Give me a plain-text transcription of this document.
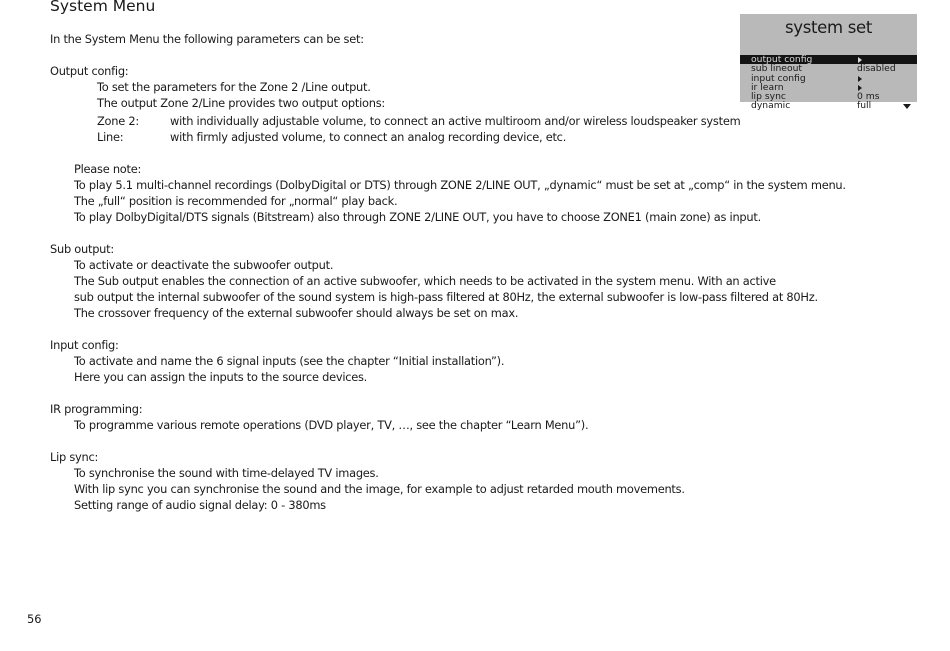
System Menu

In the System Menu the following parameters can be set:

Output config:

To set the parameters for the Zone 2 /Line output.

The output Zone 2/Line provides two output options:

Zone 2:	with individually adjustable volume, to connect an active multiroom and/or wireless loudspeaker system
Line:	with firmly adjusted volume, to connect an analog recording device, etc.

Please note:

To play 5.1 multi-channel recordings (DolbyDigital or DTS) through ZONE 2/LINE OUT, „dynamic“ must be set at „comp“ in the system menu.

The „full“ position is recommended for „normal“ play back.

To play DolbyDigital/DTS signals (Bitstream) also through ZONE 2/LINE OUT, you have to choose ZONE1 (main zone) as input.

Sub output:

To activate or deactivate the subwoofer output.

The Sub output enables the connection of an active subwoofer, which needs to be activated in the system menu. With an active

sub output the internal subwoofer of the sound system is high-pass filtered at 80Hz, the external subwoofer is low-pass filtered at 80Hz.

The crossover frequency of the external subwoofer should always be set on max.

Input config:

To activate and name the 6 signal inputs (see the chapter “Initial installation”).

Here you can assign the inputs to the source devices.

IR programming:

To programme various remote operations (DVD player, TV, …, see the chapter “Learn Menu”).

Lip sync:

To synchronise the sound with time-delayed TV images.

With lip sync you can synchronise the sound and the image, for example to adjust retarded mouth movements.

Setting range of audio signal delay: 0 - 380ms

56
system set
output config
sub lineout	disabled
input config
ir learn
lip sync	0 ms
dynamic	full
